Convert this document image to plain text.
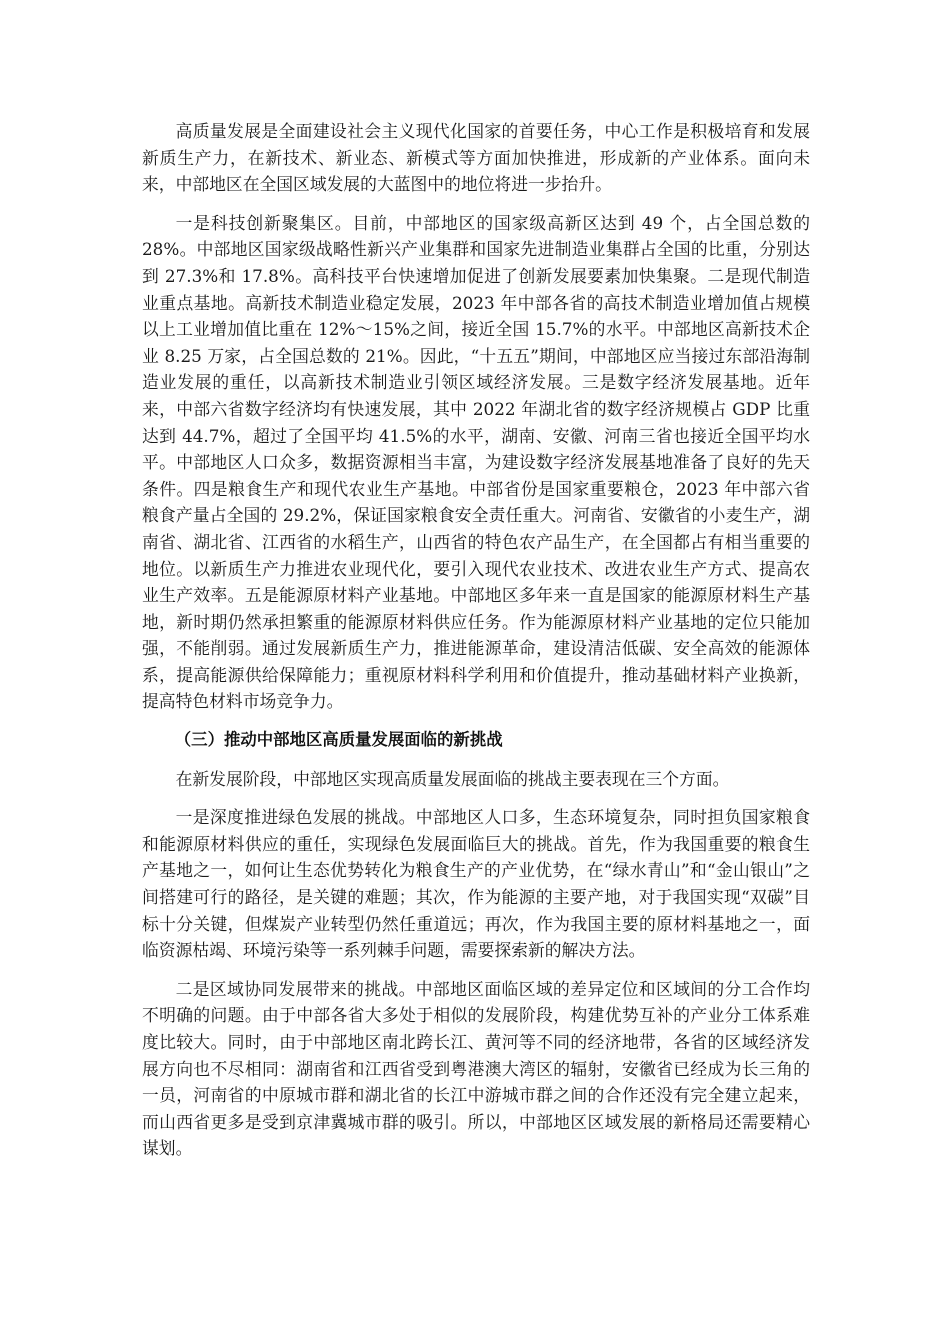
高质量发展是全面建设社会主义现代化国家的首要任务，中心工作是积极培育和发展新质生产力，在新技术、新业态、新模式等方面加快推进，形成新的产业体系。面向未来，中部地区在全国区域发展的大蓝图中的地位将进一步抬升。

一是科技创新聚集区。目前，中部地区的国家级高新区达到 49 个，占全国总数的 28%。中部地区国家级战略性新兴产业集群和国家先进制造业集群占全国的比重，分别达到 27.3%和 17.8%。高科技平台快速增加促进了创新发展要素加快集聚。二是现代制造业重点基地。高新技术制造业稳定发展，2023 年中部各省的高技术制造业增加值占规模以上工业增加值比重在 12%～15%之间，接近全国 15.7%的水平。中部地区高新技术企业 8.25 万家，占全国总数的 21%。因此，“十五五”期间，中部地区应当接过东部沿海制造业发展的重任，以高新技术制造业引领区域经济发展。三是数字经济发展基地。近年来，中部六省数字经济均有快速发展，其中 2022 年湖北省的数字经济规模占 GDP 比重达到 44.7%，超过了全国平均 41.5%的水平，湖南、安徽、河南三省也接近全国平均水平。中部地区人口众多，数据资源相当丰富，为建设数字经济发展基地准备了良好的先天条件。四是粮食生产和现代农业生产基地。中部省份是国家重要粮仓，2023 年中部六省粮食产量占全国的 29.2%，保证国家粮食安全责任重大。河南省、安徽省的小麦生产，湖南省、湖北省、江西省的水稻生产，山西省的特色农产品生产，在全国都占有相当重要的地位。以新质生产力推进农业现代化，要引入现代农业技术、改进农业生产方式、提高农业生产效率。五是能源原材料产业基地。中部地区多年来一直是国家的能源原材料生产基地，新时期仍然承担繁重的能源原材料供应任务。作为能源原材料产业基地的定位只能加强，不能削弱。通过发展新质生产力，推进能源革命，建设清洁低碳、安全高效的能源体系，提高能源供给保障能力；重视原材料科学利用和价值提升，推动基础材料产业换新，提高特色材料市场竞争力。

（三）推动中部地区高质量发展面临的新挑战

在新发展阶段，中部地区实现高质量发展面临的挑战主要表现在三个方面。

一是深度推进绿色发展的挑战。中部地区人口多，生态环境复杂，同时担负国家粮食和能源原材料供应的重任，实现绿色发展面临巨大的挑战。首先，作为我国重要的粮食生产基地之一，如何让生态优势转化为粮食生产的产业优势，在“绿水青山”和“金山银山”之间搭建可行的路径，是关键的难题；其次，作为能源的主要产地，对于我国实现“双碳”目标十分关键，但煤炭产业转型仍然任重道远；再次，作为我国主要的原材料基地之一，面临资源枯竭、环境污染等一系列棘手问题，需要探索新的解决方法。

二是区域协同发展带来的挑战。中部地区面临区域的差异定位和区域间的分工合作均不明确的问题。由于中部各省大多处于相似的发展阶段，构建优势互补的产业分工体系难度比较大。同时，由于中部地区南北跨长江、黄河等不同的经济地带，各省的区域经济发展方向也不尽相同：湖南省和江西省受到粤港澳大湾区的辐射，安徽省已经成为长三角的一员，河南省的中原城市群和湖北省的长江中游城市群之间的合作还没有完全建立起来，而山西省更多是受到京津冀城市群的吸引。所以，中部地区区域发展的新格局还需要精心谋划。
